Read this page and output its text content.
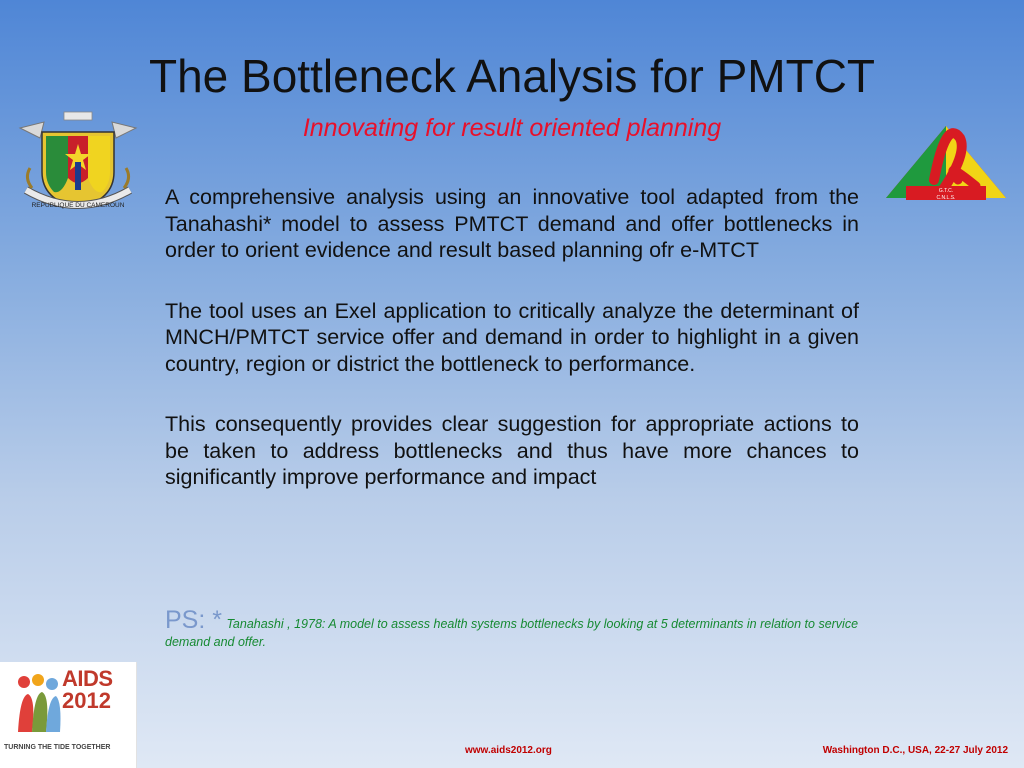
The Bottleneck Analysis for PMTCT
Innovating for result oriented planning
REPUBLIQUE DU CAMEROUN
G.T.C.
C.N.L.S.

A comprehensive analysis using an innovative tool adapted from the Tanahashi* model to assess PMTCT demand and offer bottlenecks in order to orient evidence and result based planning ofr e-MTCT

The tool uses an Exel application to critically analyze the determinant of MNCH/PMTCT service offer and demand in order to highlight in a given country, region or district the bottleneck to performance.

This consequently provides clear suggestion for appropriate actions to be taken to address bottlenecks and thus have more chances to significantly improve performance and impact

PS: * Tanahashi , 1978: A model to assess health systems bottlenecks by looking at 5 determinants in relation to service demand and offer.
AIDS
2012
TURNING THE TIDE TOGETHER	www.aids2012.org	Washington D.C., USA, 22-27 July 2012
